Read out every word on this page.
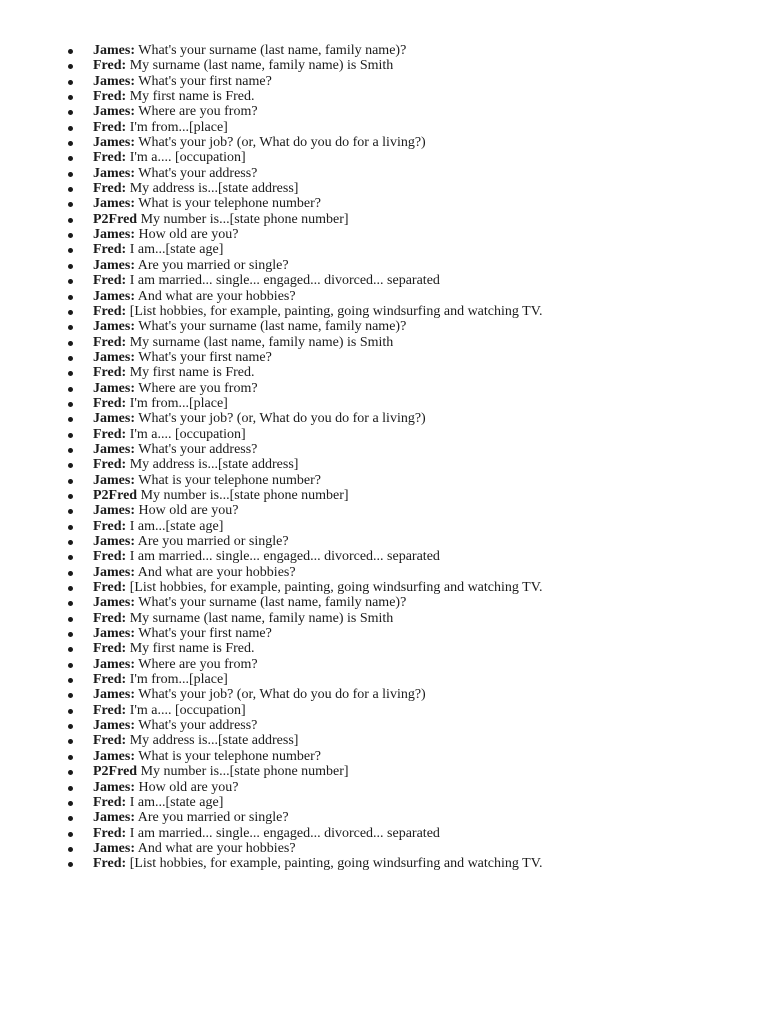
James: What's your surname (last name, family name)?
Fred: My surname (last name, family name) is Smith
James: What's your first name?
Fred: My first name is Fred.
James: Where are you from?
Fred: I'm from...[place]
James: What's your job? (or, What do you do for a living?)
Fred: I'm a.... [occupation]
James: What's your address?
Fred: My address is...[state address]
James: What is your telephone number?
P2Fred My number is...[state phone number]
James: How old are you?
Fred: I am...[state age]
James: Are you married or single?
Fred: I am married... single... engaged... divorced... separated
James: And what are your hobbies?
Fred: [List hobbies, for example, painting, going windsurfing and watching TV.
James: What's your surname (last name, family name)?
Fred: My surname (last name, family name) is Smith
James: What's your first name?
Fred: My first name is Fred.
James: Where are you from?
Fred: I'm from...[place]
James: What's your job? (or, What do you do for a living?)
Fred: I'm a.... [occupation]
James: What's your address?
Fred: My address is...[state address]
James: What is your telephone number?
P2Fred My number is...[state phone number]
James: How old are you?
Fred: I am...[state age]
James: Are you married or single?
Fred: I am married... single... engaged... divorced... separated
James: And what are your hobbies?
Fred: [List hobbies, for example, painting, going windsurfing and watching TV.
James: What's your surname (last name, family name)?
Fred: My surname (last name, family name) is Smith
James: What's your first name?
Fred: My first name is Fred.
James: Where are you from?
Fred: I'm from...[place]
James: What's your job? (or, What do you do for a living?)
Fred: I'm a.... [occupation]
James: What's your address?
Fred: My address is...[state address]
James: What is your telephone number?
P2Fred My number is...[state phone number]
James: How old are you?
Fred: I am...[state age]
James: Are you married or single?
Fred: I am married... single... engaged... divorced... separated
James: And what are your hobbies?
Fred: [List hobbies, for example, painting, going windsurfing and watching TV.
